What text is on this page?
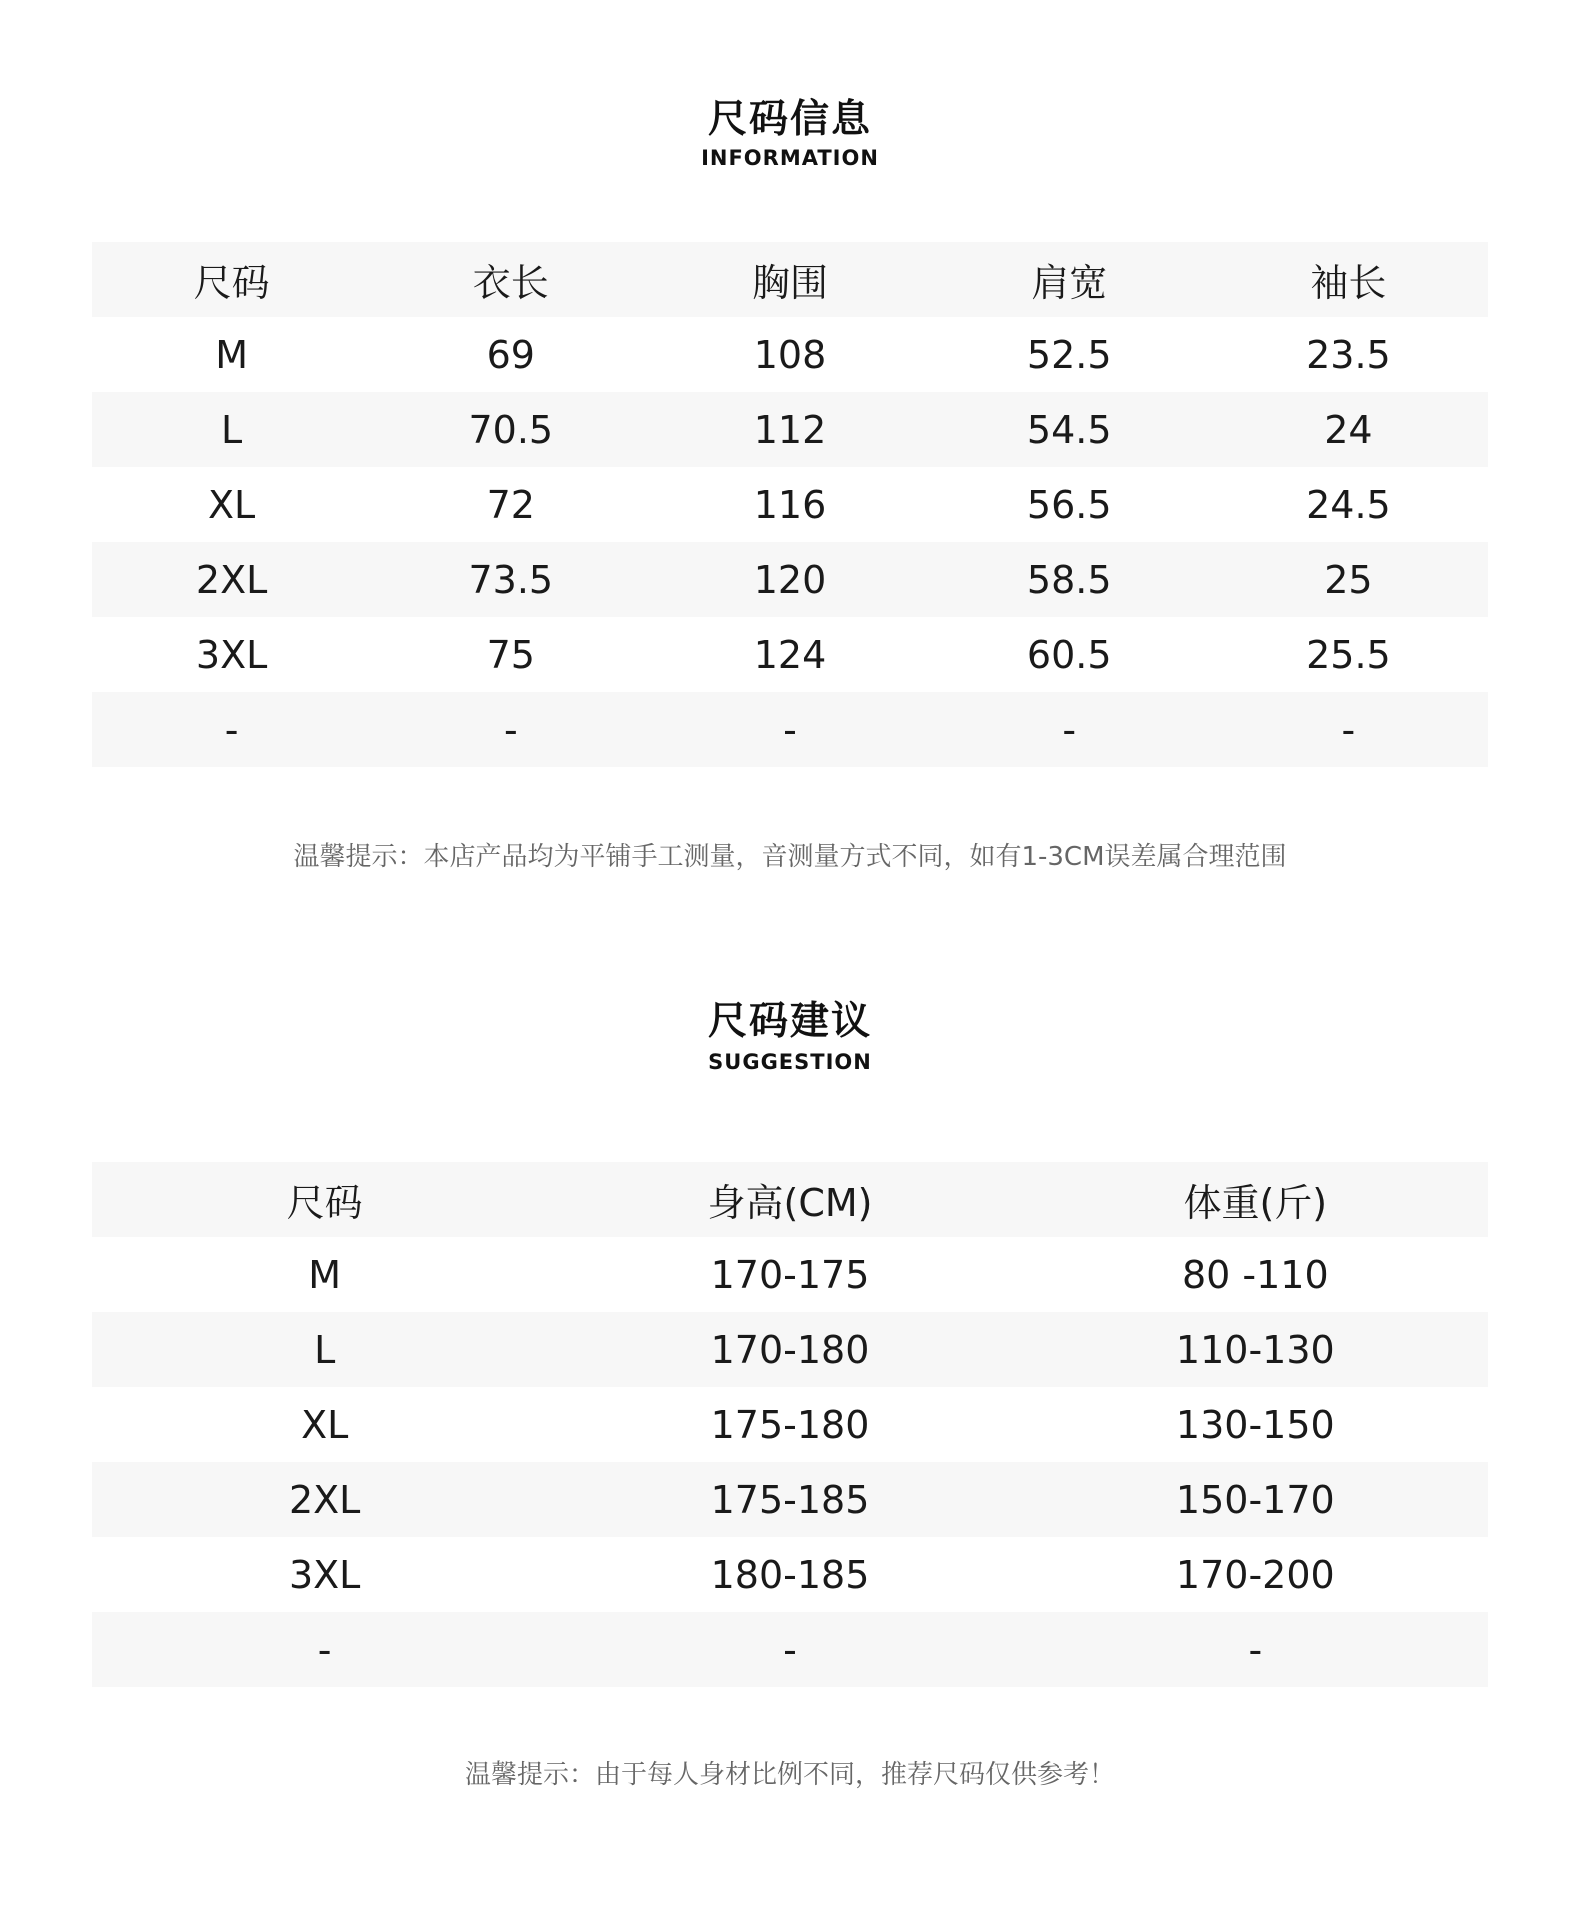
尺码信息
INFORMATION
尺码	衣长	胸围	肩宽	袖长
M	69	108	52.5	23.5
L	70.5	112	54.5	24
XL	72	116	56.5	24.5
2XL	73.5	120	58.5	25
3XL	75	124	60.5	25.5
-	-	-	-	-
温馨提示：本店产品均为平铺手工测量，音测量方式不同，如有1-3CM误差属合理范围
尺码建议
SUGGESTION
尺码	身高(CM)	体重(斤)
M	170-175	80 -110
L	170-180	110-130
XL	175-180	130-150
2XL	175-185	150-170
3XL	180-185	170-200
-	-	-
温馨提示：由于每人身材比例不同，推荐尺码仅供参考！
